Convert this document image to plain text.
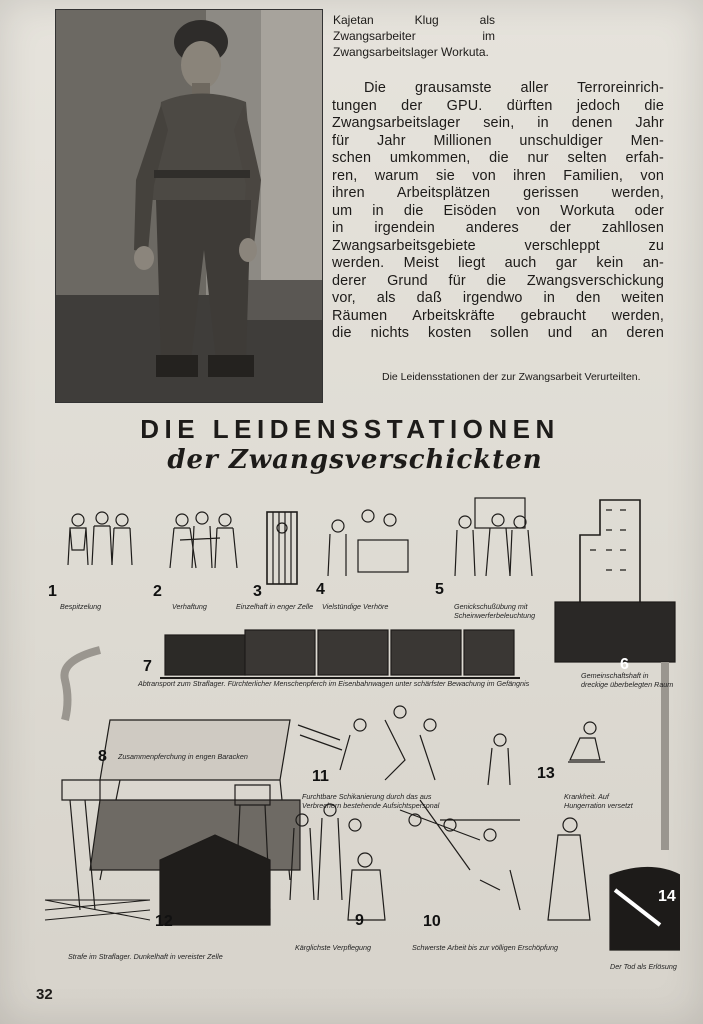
Kajetan Klug als Zwangsarbeiter im Zwangsarbeitslager Workuta.
Die grausamste aller Terroreinrich-
tungen der GPU. dürften jedoch die
Zwangsarbeitslager sein, in denen Jahr
für Jahr Millionen unschuldiger Men-
schen umkommen, die nur selten erfah-
ren, warum sie von ihren Familien, von
ihren Arbeitsplätzen gerissen werden,
um in die Eisöden von Workuta oder
in irgendein anderes der zahllosen
Zwangsarbeitsgebiete verschleppt zu
werden. Meist liegt auch gar kein an-
derer Grund für die Zwangsverschickung
vor, als daß irgendwo in den weiten
Räumen Arbeitskräfte gebraucht werden,
die nichts kosten sollen und an deren
Die Leidensstationen der zur Zwangsarbeit Verurteilten.
DIE LEIDENSSTATIONEN
der Zwangsverschickten
1	2	3	4	5
6
7
8
9	10
11
12
13
14
Bespitzelung	Verhaftung	Einzelhaft in enger Zelle Vielstündige Verhöre	Genickschußübung mit Scheinwerferbeleuchtung
Gemeinschaftshaft in dreckige überbelegten Raum
Abtransport zum Straflager. Fürchterlicher Menschenpferch im Eisenbahnwagen unter schärfster Bewachung im Gefängnis
Zusammenpferchung in engen Baracken
Kärglichste Verpflegung	Schwerste Arbeit bis zur völligen Erschöpfung
Furchtbare Schikanierung durch das aus Verbrechern bestehende Aufsichtspersonal
Strafe im Straflager. Dunkelhaft in vereister Zelle
Krankheit. Auf Hungerration versetzt
Der Tod als Erlösung
32
